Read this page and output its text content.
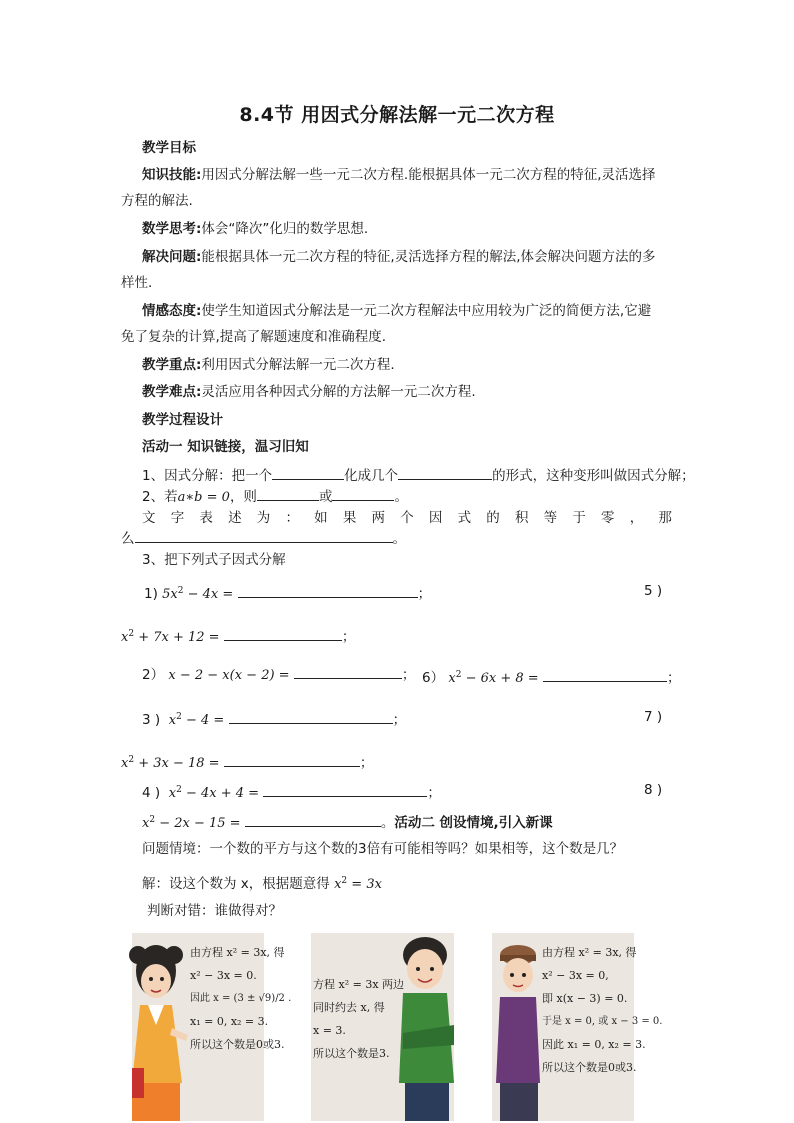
8.4节 用因式分解法解一元二次方程
教学目标
知识技能:用因式分解法解一些一元二次方程.能根据具体一元二次方程的特征,灵活选择
方程的解法.
数学思考:体会“降次”化归的数学思想.
解决问题:能根据具体一元二次方程的特征,灵活选择方程的解法,体会解决问题方法的多
样性.
情感态度:使学生知道因式分解法是一元二次方程解法中应用较为广泛的简便方法,它避
免了复杂的计算,提高了解题速度和准确程度.
教学重点:利用因式分解法解一元二次方程.
教学难点:灵活应用各种因式分解的方法解一元二次方程.
教学过程设计
活动一 知识链接，温习旧知
1、因式分解：把一个	化成几个	的形式，这种变形叫做因式分解；
2、若a∗b = 0，则	或	。
文 字 表 述 为 ： 如 果 两 个 因 式 的 积 等 于 零 ， 那
么	。
3、把下列式子因式分解
1) $5x^2 - 4x$ =	；	5 )
$x^2 + 7x + 12$ =	；
2） x − 2 − x(x − 2) =	； 6） $x^2 - 6x + 8$ =	；
3 ) $x^2 - 4$ =	；	7 )
$x^2 + 3x - 18$ =	；
4 ) $x^2 - 4x + 4$ =	；	8 )
$x^2 - 2x - 15$ =	。活动二 创设情境,引入新课
问题情境：一个数的平方与这个数的3倍有可能相等吗？如果相等，这个数是几？
解：设这个数为 x，根据题意得 $x^2 = 3x$
判断对错：谁做得对？
由方程 x² = 3x, 得
x² − 3x = 0.
因此 x = (3 ± √9)/2 .
x₁ = 0, x₂ = 3.
所以这个数是0或3.
方程 x² = 3x 两边
同时约去 x, 得
x = 3.
所以这个数是3.
由方程 x² = 3x, 得
x² − 3x = 0,
即 x(x − 3) = 0.
于是 x = 0, 或 x − 3 = 0.
因此 x₁ = 0, x₂ = 3.
所以这个数是0或3.
